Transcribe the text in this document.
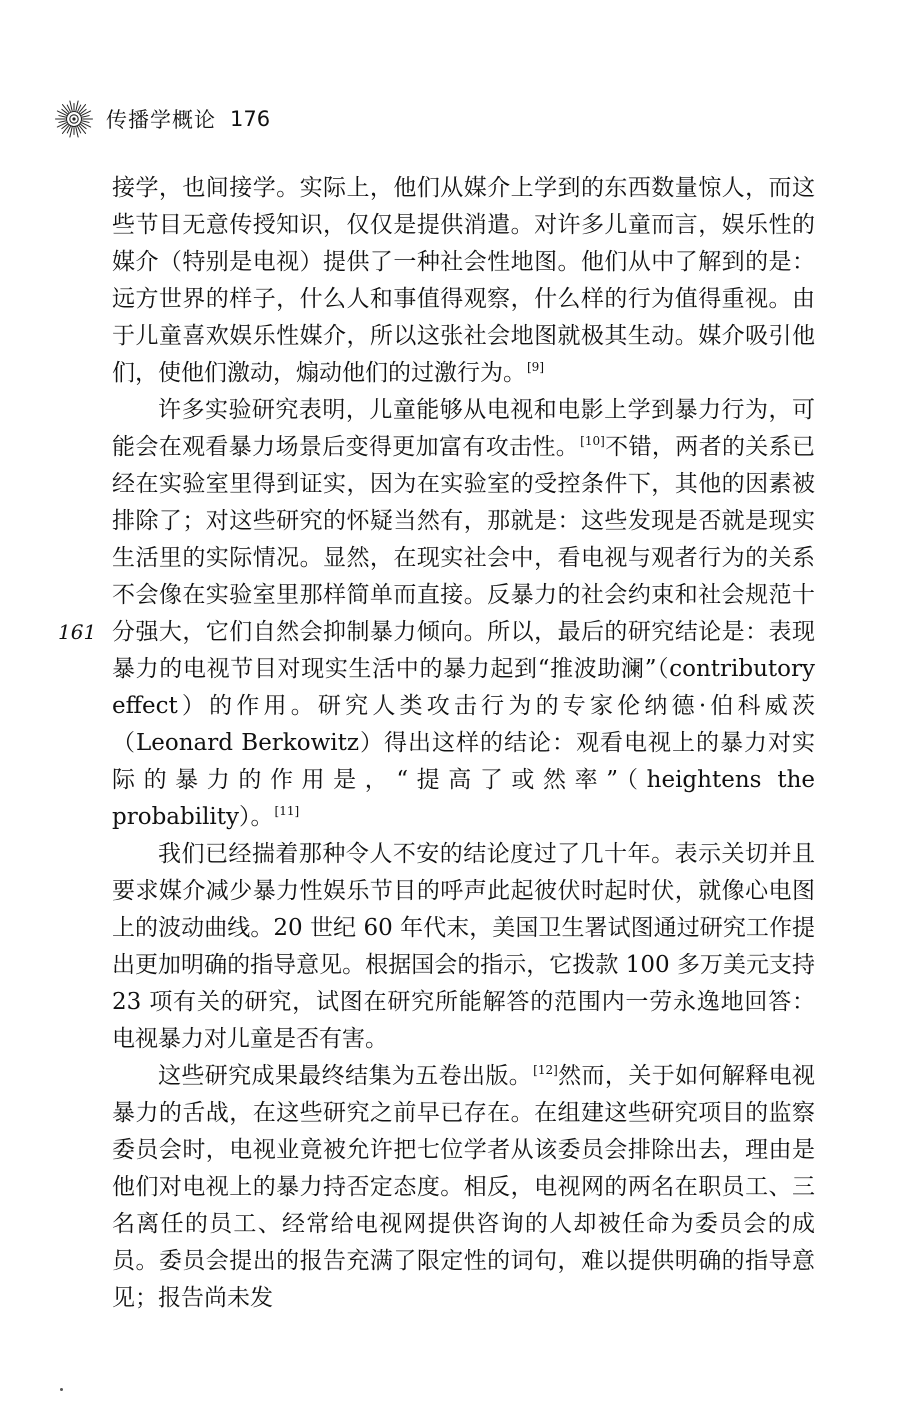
传播学概论 176
161

接学，也间接学。实际上，他们从媒介上学到的东西数量惊人，而这些节目无意传授知识，仅仅是提供消遣。对许多儿童而言，娱乐性的媒介（特别是电视）提供了一种社会性地图。他们从中了解到的是：远方世界的样子，什么人和事值得观察，什么样的行为值得重视。由于儿童喜欢娱乐性媒介，所以这张社会地图就极其生动。媒介吸引他们，使他们激动，煽动他们的过激行为。[9]

许多实验研究表明，儿童能够从电视和电影上学到暴力行为，可能会在观看暴力场景后变得更加富有攻击性。[10]不错，两者的关系已经在实验室里得到证实，因为在实验室的受控条件下，其他的因素被排除了；对这些研究的怀疑当然有，那就是：这些发现是否就是现实生活里的实际情况。显然，在现实社会中，看电视与观者行为的关系不会像在实验室里那样简单而直接。反暴力的社会约束和社会规范十分强大，它们自然会抑制暴力倾向。所以，最后的研究结论是：表现暴力的电视节目对现实生活中的暴力起到“推波助澜”（contributory effect）的作用。研究人类攻击行为的专家伦纳德·伯科威茨（Leonard Berkowitz）得出这样的结论：观看电视上的暴力对实际的暴力的作用是，“提高了或然率”（heightens the probability）。[11]

我们已经揣着那种令人不安的结论度过了几十年。表示关切并且要求媒介减少暴力性娱乐节目的呼声此起彼伏时起时伏，就像心电图上的波动曲线。20 世纪 60 年代末，美国卫生署试图通过研究工作提出更加明确的指导意见。根据国会的指示，它拨款 100 多万美元支持 23 项有关的研究，试图在研究所能解答的范围内一劳永逸地回答：电视暴力对儿童是否有害。

这些研究成果最终结集为五卷出版。[12]然而，关于如何解释电视暴力的舌战，在这些研究之前早已存在。在组建这些研究项目的监察委员会时，电视业竟被允许把七位学者从该委员会排除出去，理由是他们对电视上的暴力持否定态度。相反，电视网的两名在职员工、三名离任的员工、经常给电视网提供咨询的人却被任命为委员会的成员。委员会提出的报告充满了限定性的词句，难以提供明确的指导意见；报告尚未发
